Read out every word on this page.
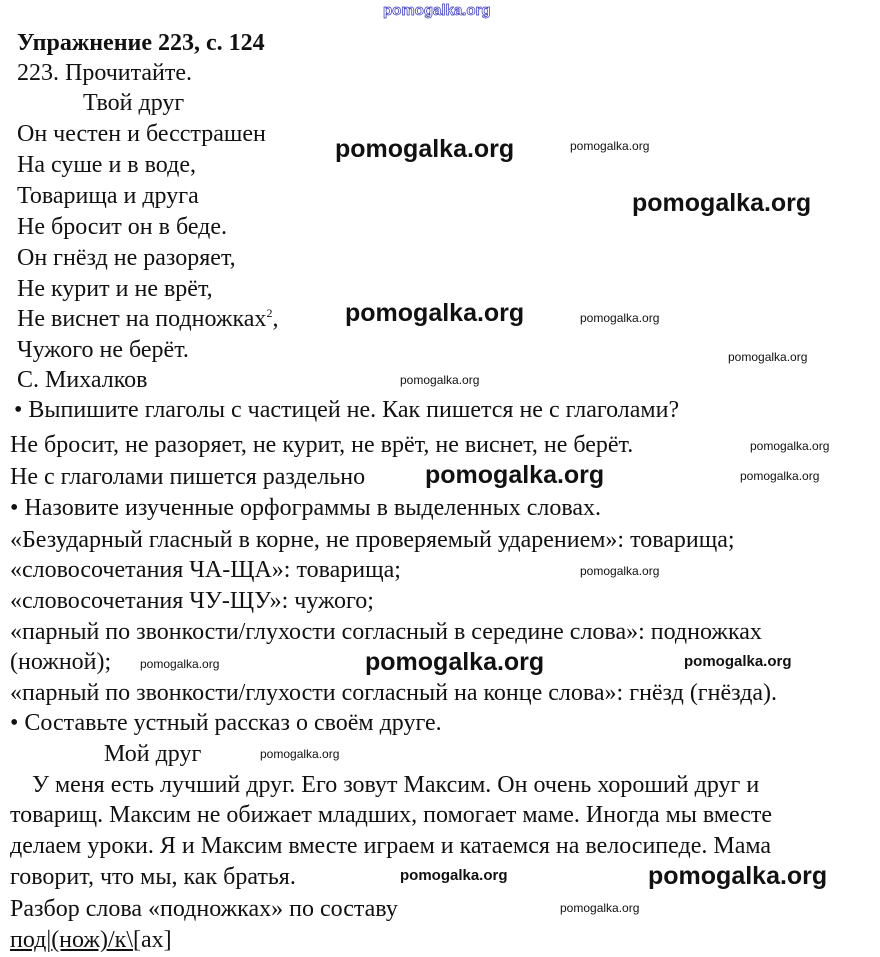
pomogalka.org
Упражнение 223, с. 124
223. Прочитайте.
Твой друг
Он честен и бесстрашен
На суше и в воде,
Товарища и друга
Не бросит он в беде.
Он гнёзд не разоряет,
Не курит и не врёт,
Не виснет на подножках$^2$,
Чужого не берёт.
С. Михалков
• Выпишите глаголы с частицей не. Как пишется не с глаголами?
Не бросит, не разоряет, не курит, не врёт, не виснет, не берёт.
Не с глаголами пишется раздельно
• Назовите изученные орфограммы в выделенных словах.
«Безударный гласный в корне, не проверяемый ударением»: товарища;
«словосочетания ЧА-ЩА»: товарища;
«словосочетания ЧУ-ЩУ»: чужого;
«парный по звонкости/глухости согласный в середине слова»: подножках
(ножной);
«парный по звонкости/глухости согласный на конце слова»: гнёзд (гнёзда).
• Составьте устный рассказ о своём друге.
Мой друг
У меня есть лучший друг. Его зовут Максим. Он очень хороший друг и
товарищ. Максим не обижает младших, помогает маме. Иногда мы вместе
делаем уроки. Я и Максим вместе играем и катаемся на велосипеде. Мама
говорит, что мы, как братья.
Разбор слова «подножках» по составу
под|(нож)/к\[ах]
pomogalka.org
pomogalka.org
pomogalka.org
pomogalka.org
pomogalka.org
pomogalka.org
pomogalka.org
pomogalka.org
pomogalka.org
pomogalka.org
pomogalka.org
pomogalka.org
pomogalka.org
pomogalka.org
pomogalka.org
pomogalka.org
pomogalka.org
pomogalka.org
